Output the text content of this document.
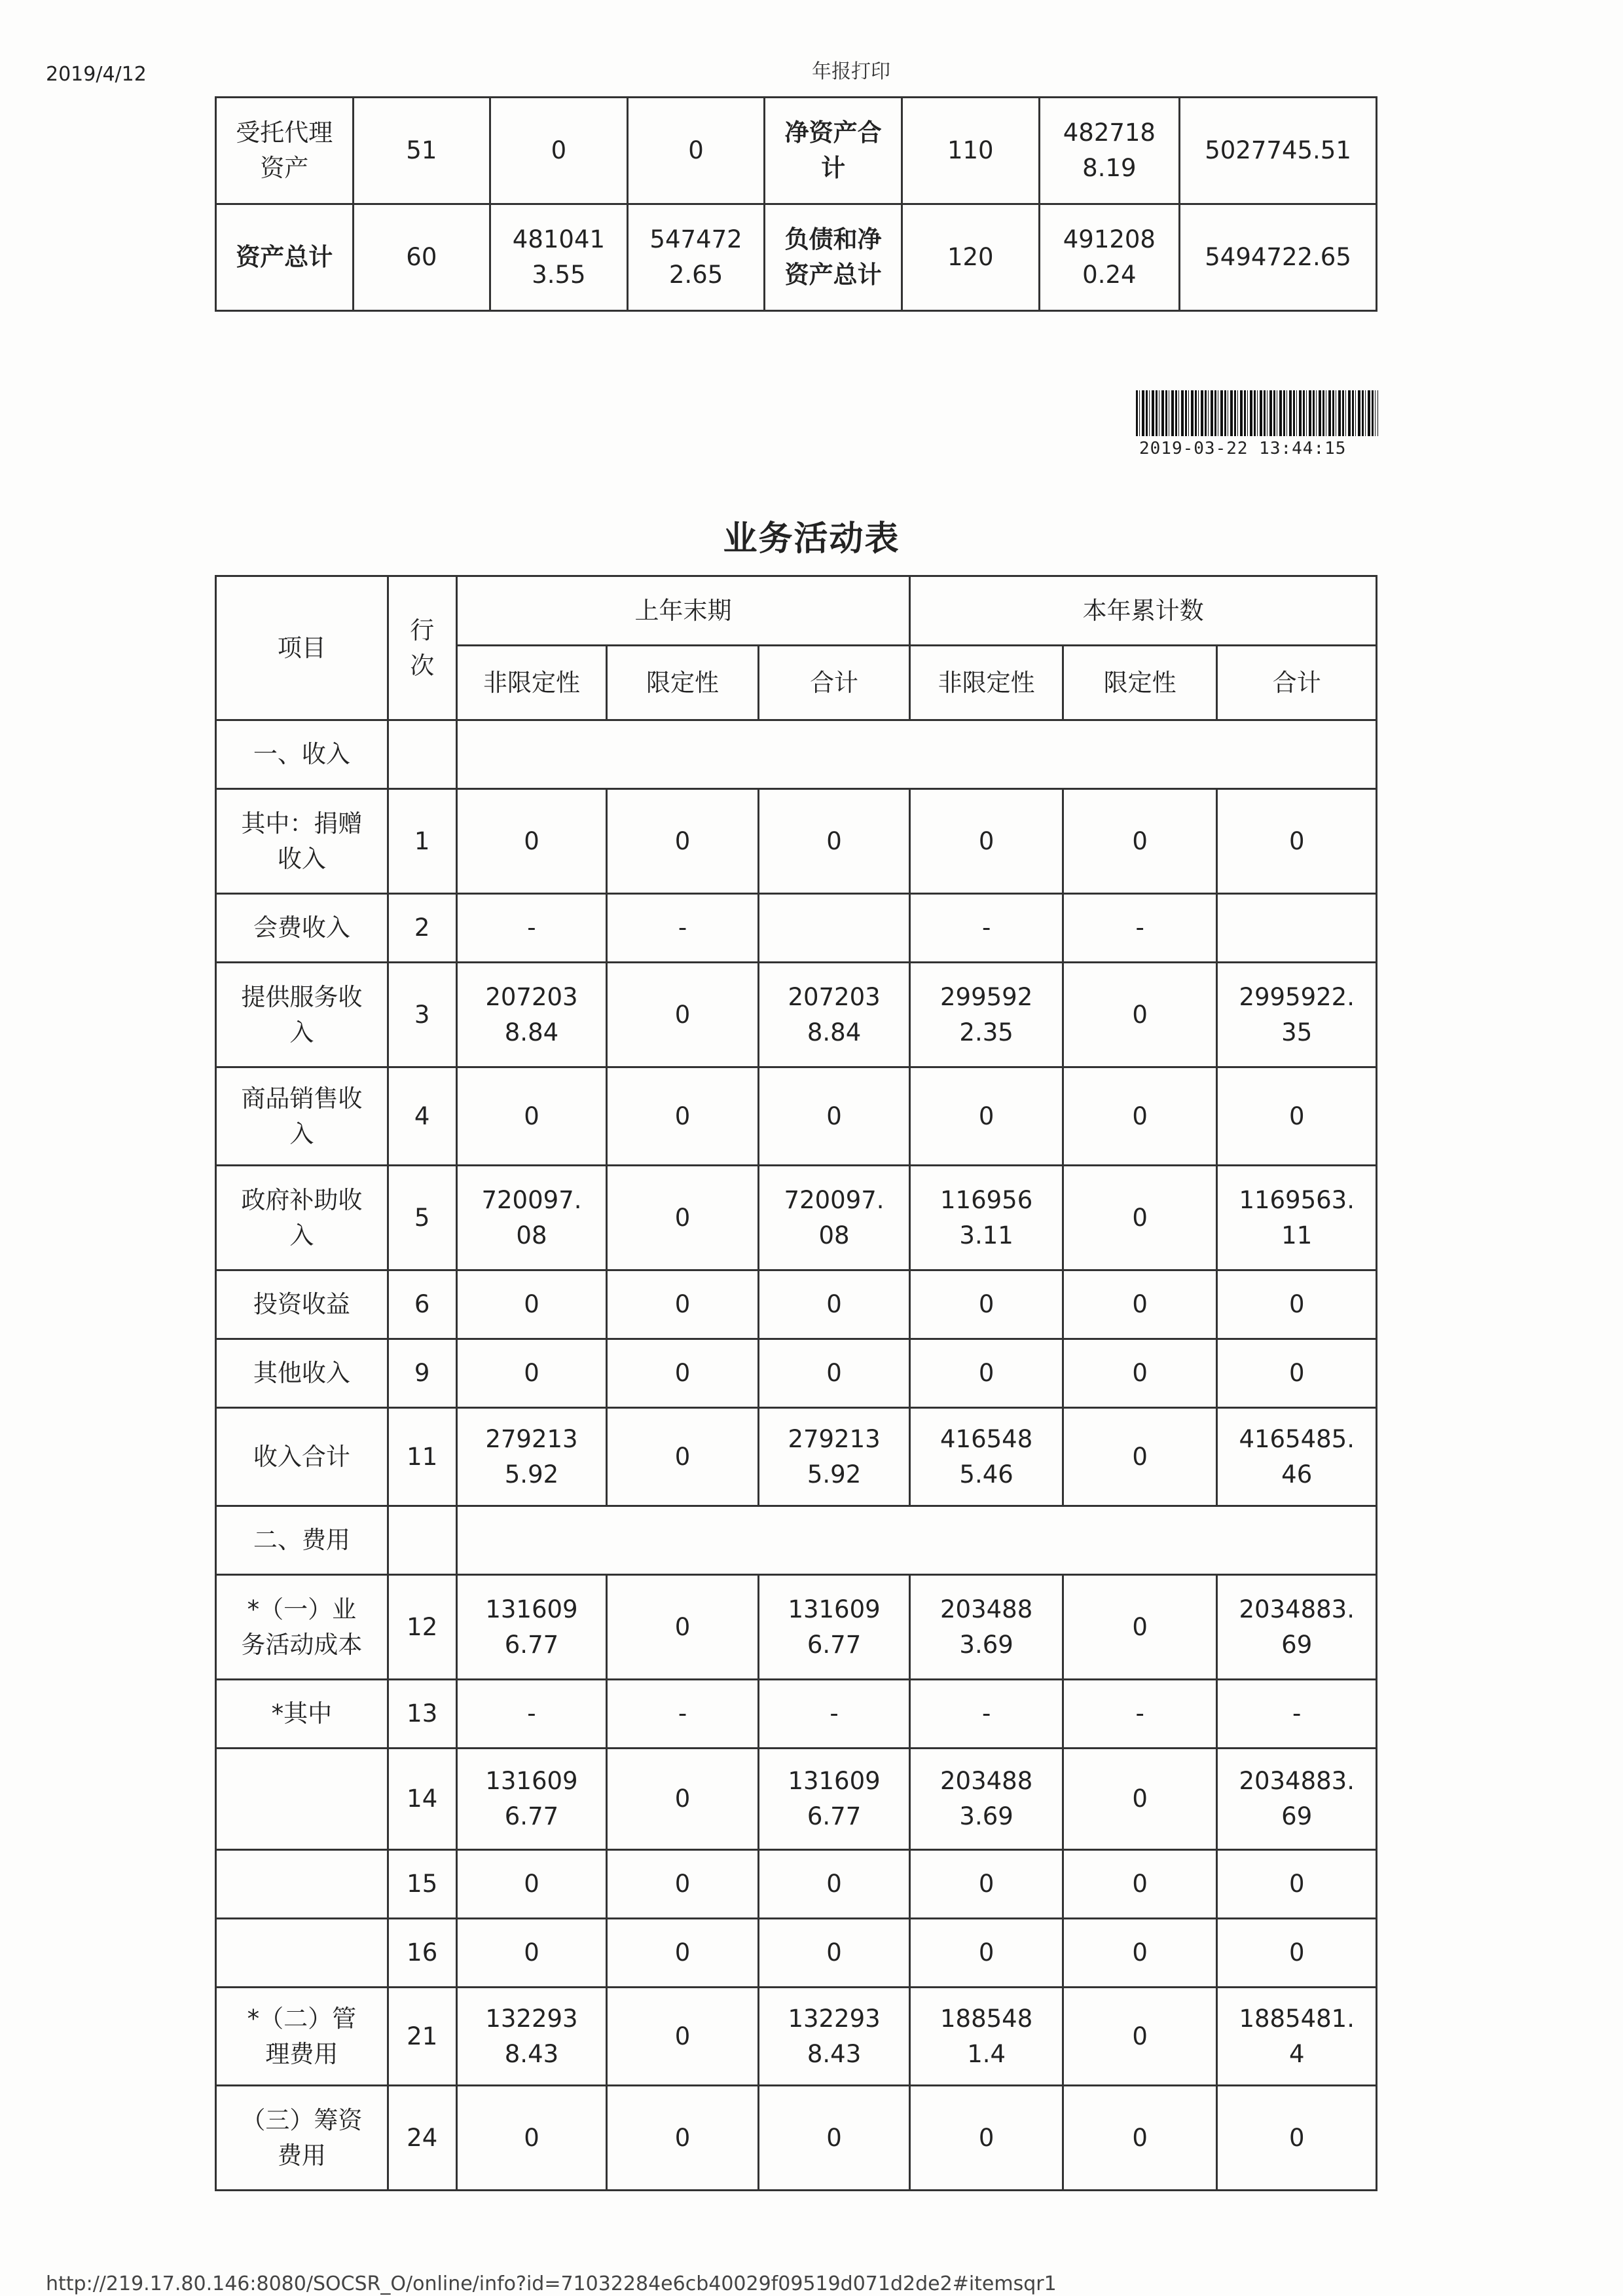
2019/4/12	年报打印
受托代理资产	51	0	0	净资产合计	110	4827188.19	5027745.51
资产总计	60	4810413.55	5474722.65	负债和净资产总计	120	4912080.24	5494722.65
2019-03-22 13:44:15
业务活动表
项目	行次	上年末期			本年累计数		
		非限定性	限定性	合计	非限定性	限定性	合计
一、收入							
其中：捐赠收入	1	0	0	0	0	0	0
会费收入	2	-	-		-	-	
提供服务收入	3	2072038.84	0	2072038.84	2995922.35	0	2995922.35
商品销售收入	4	0	0	0	0	0	0
政府补助收入	5	720097.08	0	720097.08	1169563.11	0	1169563.11
投资收益	6	0	0	0	0	0	0
其他收入	9	0	0	0	0	0	0
收入合计	11	2792135.92	0	2792135.92	4165485.46	0	4165485.46
二、费用							
*（一）业务活动成本	12	1316096.77	0	1316096.77	2034883.69	0	2034883.69
*其中	13	-	-	-	-	-	-
	14	1316096.77	0	1316096.77	2034883.69	0	2034883.69
	15	0	0	0	0	0	0
	16	0	0	0	0	0	0
*（二）管理费用	21	1322938.43	0	1322938.43	1885481.4	0	1885481.4
（三）筹资费用	24	0	0	0	0	0	0
http://219.17.80.146:8080/SOCSR_O/online/info?id=71032284e6cb40029f09519d071d2de2#itemsqr1
